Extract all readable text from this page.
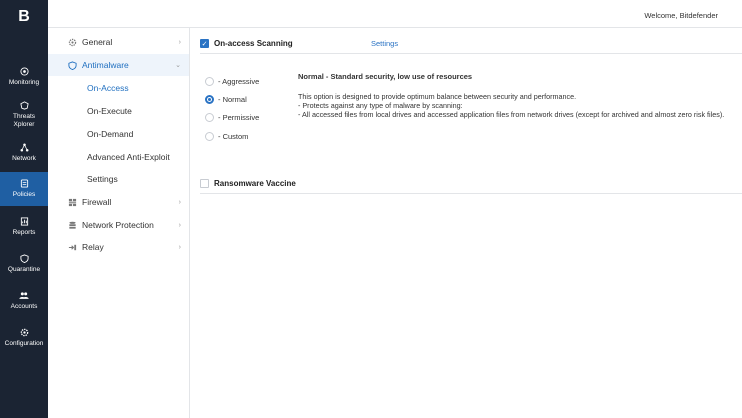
B
Monitoring
Threats Xplorer
Network
Policies
Reports
Quarantine
Accounts
Configuration
Welcome, Bitdefender
General	›
Antimalware	⌄
On-Access
On-Execute
On-Demand
Advanced Anti-Exploit
Settings
Firewall	›
Network Protection	›
Relay	›
✓ On-access Scanning	Settings
- Aggressive
- Normal
- Permissive
- Custom
Normal - Standard security, low use of resources
This option is designed to provide optimum balance between security and performance.
- Protects against any type of malware by scanning:
- All accessed files from local drives and accessed application files from network drives (except for archived and almost zero risk files).
Ransomware Vaccine
